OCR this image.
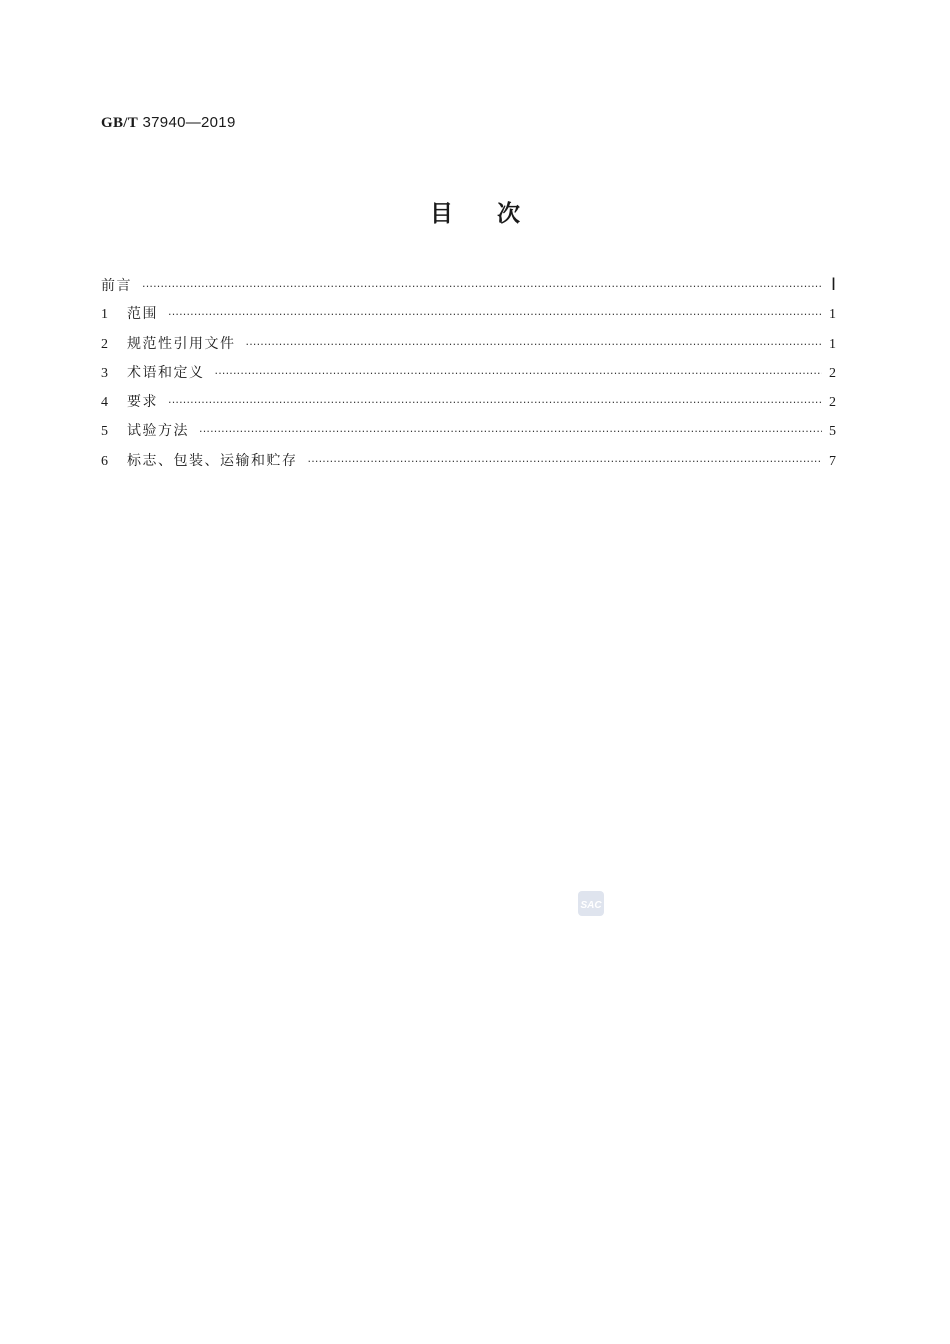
GB/T 37940—2019
目 次
前言 ·····	Ⅰ
1	范围 ·····	1
2	规范性引用文件 ·····	1
3	术语和定义 ·····	2
4	要求 ·····	2
5	试验方法 ·····	5
6	标志、包装、运输和贮存 ·····	7
SAC
